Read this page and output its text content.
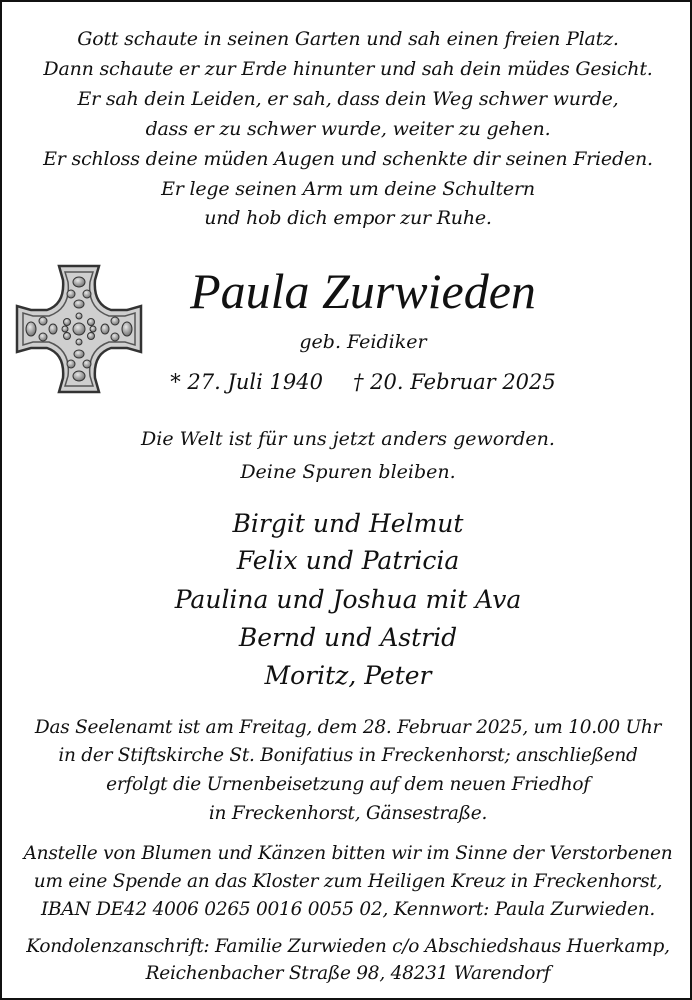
Gott schaute in seinen Garten und sah einen freien Platz.
Dann schaute er zur Erde hinunter und sah dein müdes Gesicht.
Er sah dein Leiden, er sah, dass dein Weg schwer wurde,
dass er zu schwer wurde, weiter zu gehen.
Er schloss deine müden Augen und schenkte dir seinen Frieden.
Er lege seinen Arm um deine Schultern
und hob dich empor zur Ruhe.
Paula Zurwieden
geb. Feidiker
* 27. Juli 1940 † 20. Februar 2025
Die Welt ist für uns jetzt anders geworden.
Deine Spuren bleiben.
Birgit und Helmut
Felix und Patricia
Paulina und Joshua mit Ava
Bernd und Astrid
Moritz, Peter
Das Seelenamt ist am Freitag, dem 28. Februar 2025, um 10.00 Uhr
in der Stiftskirche St. Bonifatius in Freckenhorst; anschließend
erfolgt die Urnenbeisetzung auf dem neuen Friedhof
in Freckenhorst, Gänsestraße.
Anstelle von Blumen und Känzen bitten wir im Sinne der Verstorbenen
um eine Spende an das Kloster zum Heiligen Kreuz in Freckenhorst,
IBAN DE42 4006 0265 0016 0055 02, Kennwort: Paula Zurwieden.
Kondolenzanschrift: Familie Zurwieden c/o Abschiedshaus Huerkamp,
Reichenbacher Straße 98, 48231 Warendorf
